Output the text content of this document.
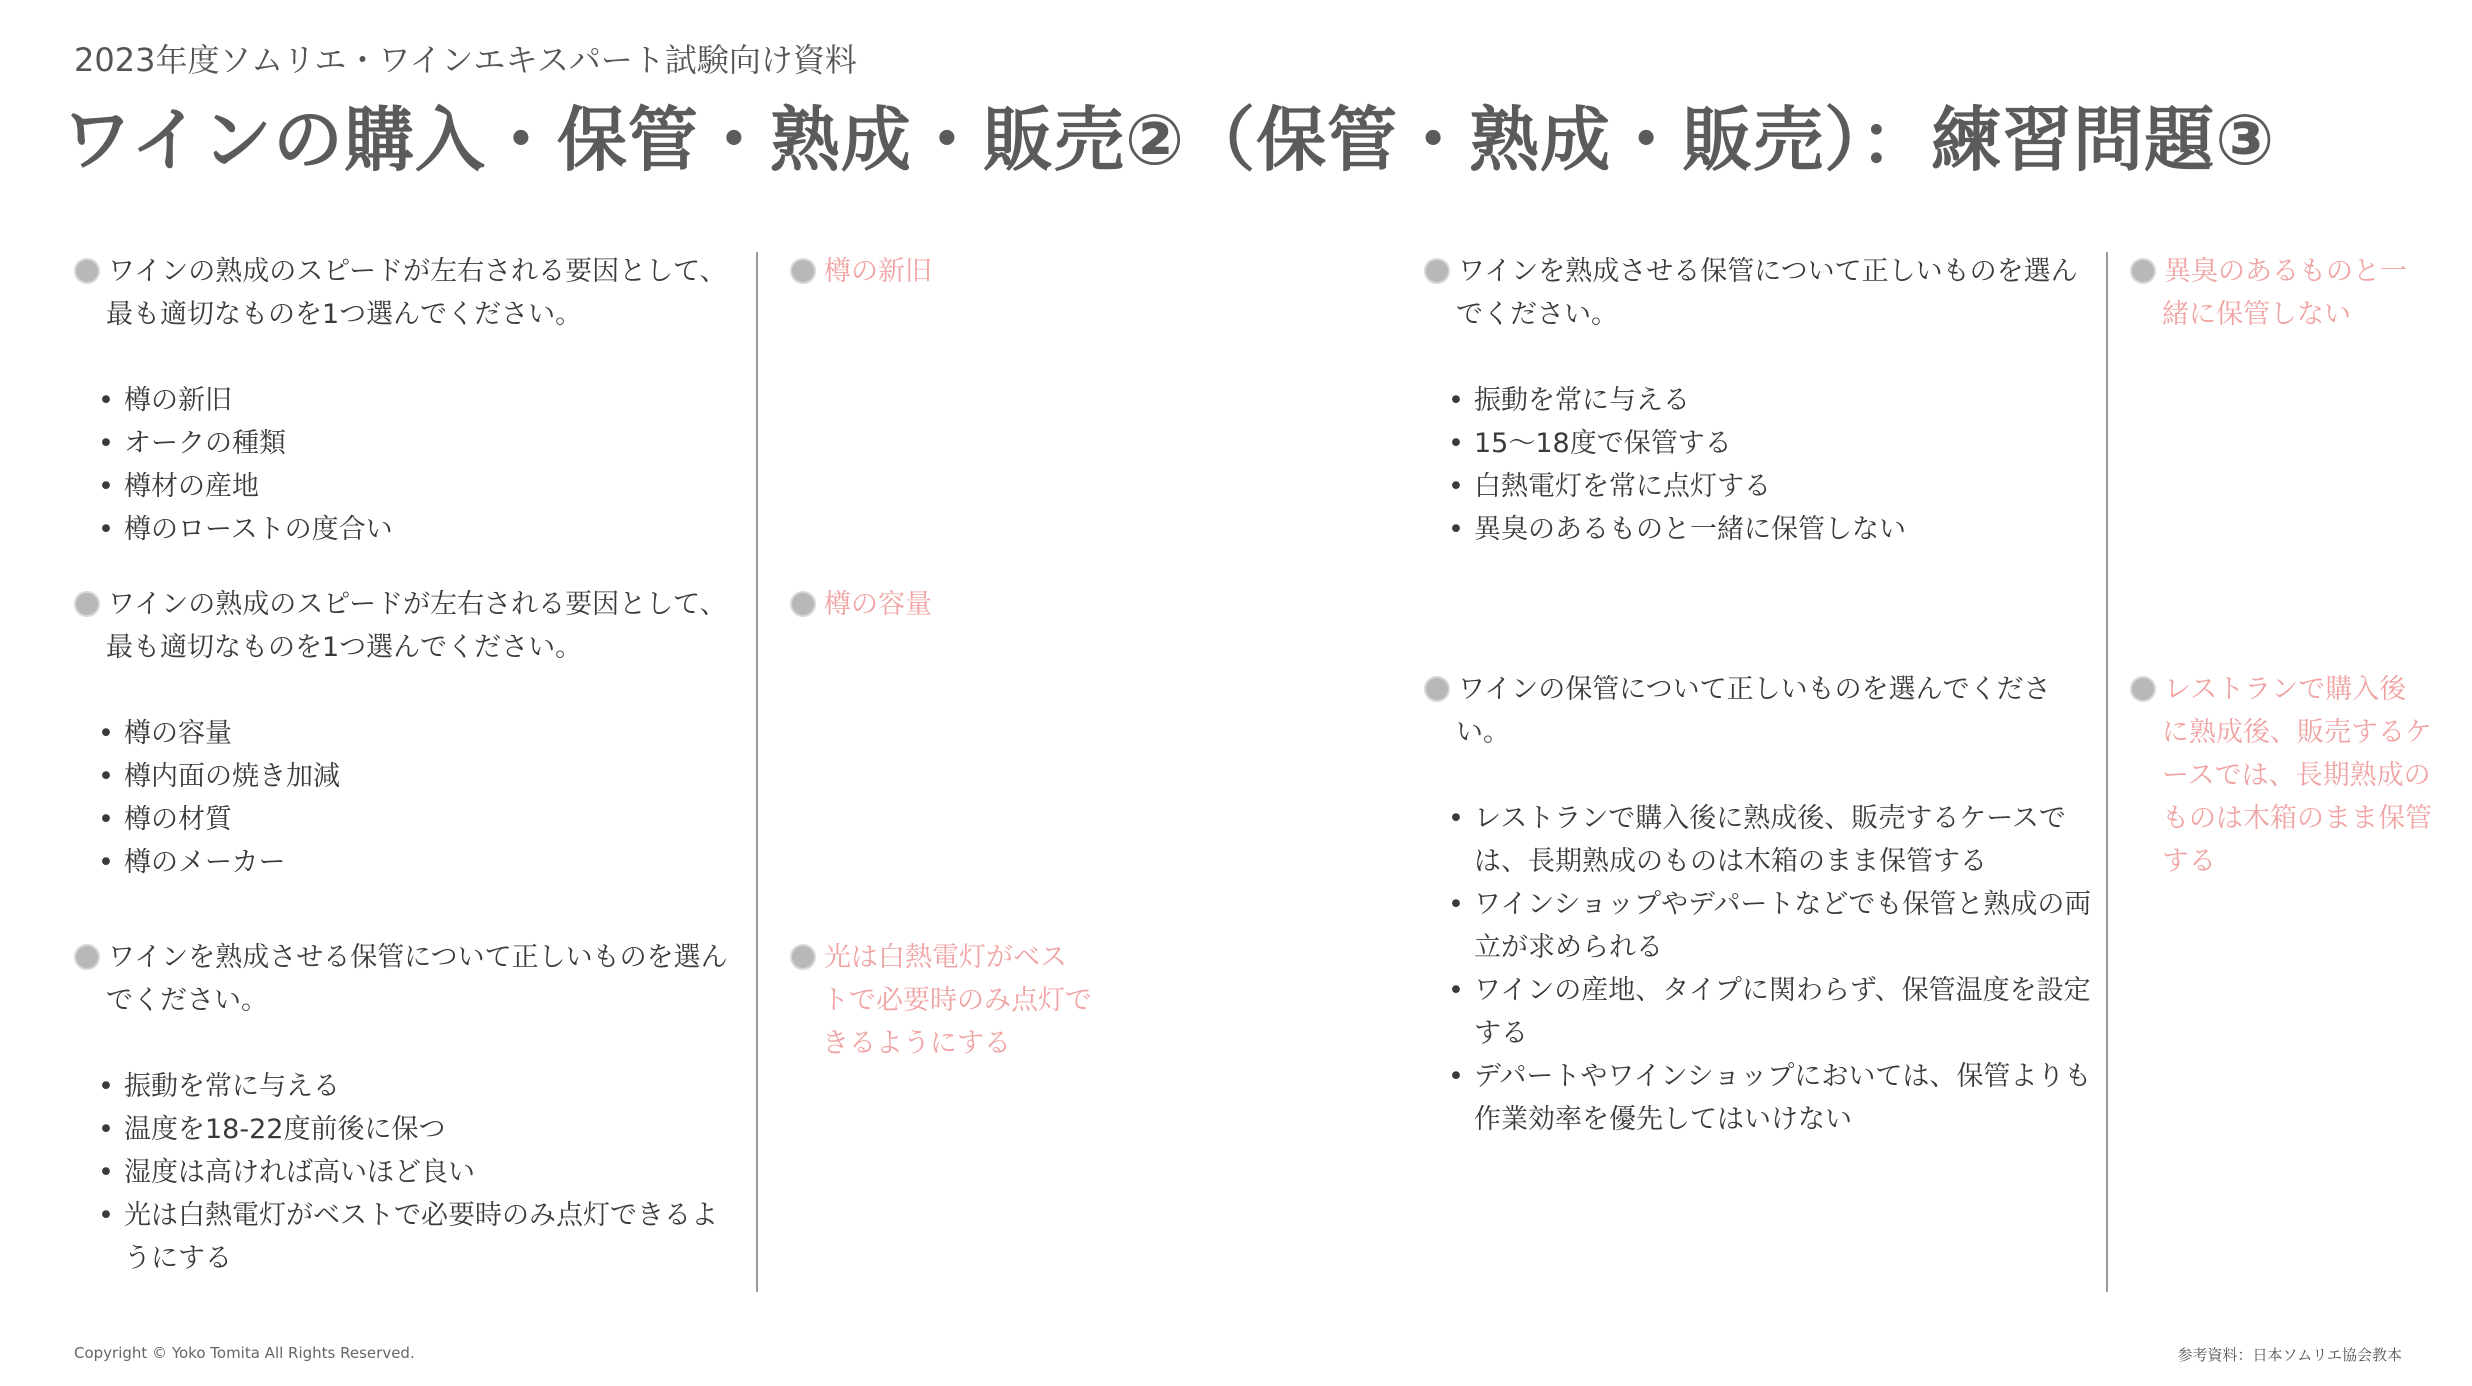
2023年度ソムリエ・ワインエキスパート試験向け資料
ワインの購入・保管・熟成・販売②（保管・熟成・販売）：練習問題③

ワインの熟成のスピードが左右される要因として、最も適切なものを1つ選んでください。

• 樽の新旧
• オークの種類
• 樽材の産地
• 樽のローストの度合い
樽の新旧

ワインの熟成のスピードが左右される要因として、最も適切なものを1つ選んでください。

• 樽の容量
• 樽内面の焼き加減
• 樽の材質
• 樽のメーカー
樽の容量

ワインを熟成させる保管について正しいものを選んでください。

• 振動を常に与える
• 温度を18-22度前後に保つ
• 湿度は高ければ高いほど良い
• 光は白熱電灯がベストで必要時のみ点灯できるようにする
光は白熱電灯がベストで必要時のみ点灯できるようにする

ワインを熟成させる保管について正しいものを選んでください。

• 振動を常に与える
• 15〜18度で保管する
• 白熱電灯を常に点灯する
• 異臭のあるものと一緒に保管しない
異臭のあるものと一緒に保管しない

ワインの保管について正しいものを選んでください。

• レストランで購入後に熟成後、販売するケースでは、長期熟成のものは木箱のまま保管する
• ワインショップやデパートなどでも保管と熟成の両立が求められる
• ワインの産地、タイプに関わらず、保管温度を設定する
• デパートやワインショップにおいては、保管よりも作業効率を優先してはいけない
レストランで購入後に熟成後、販売するケースでは、長期熟成のものは木箱のまま保管する
Copyright © Yoko Tomita All Rights Reserved.	参考資料：日本ソムリエ協会教本
